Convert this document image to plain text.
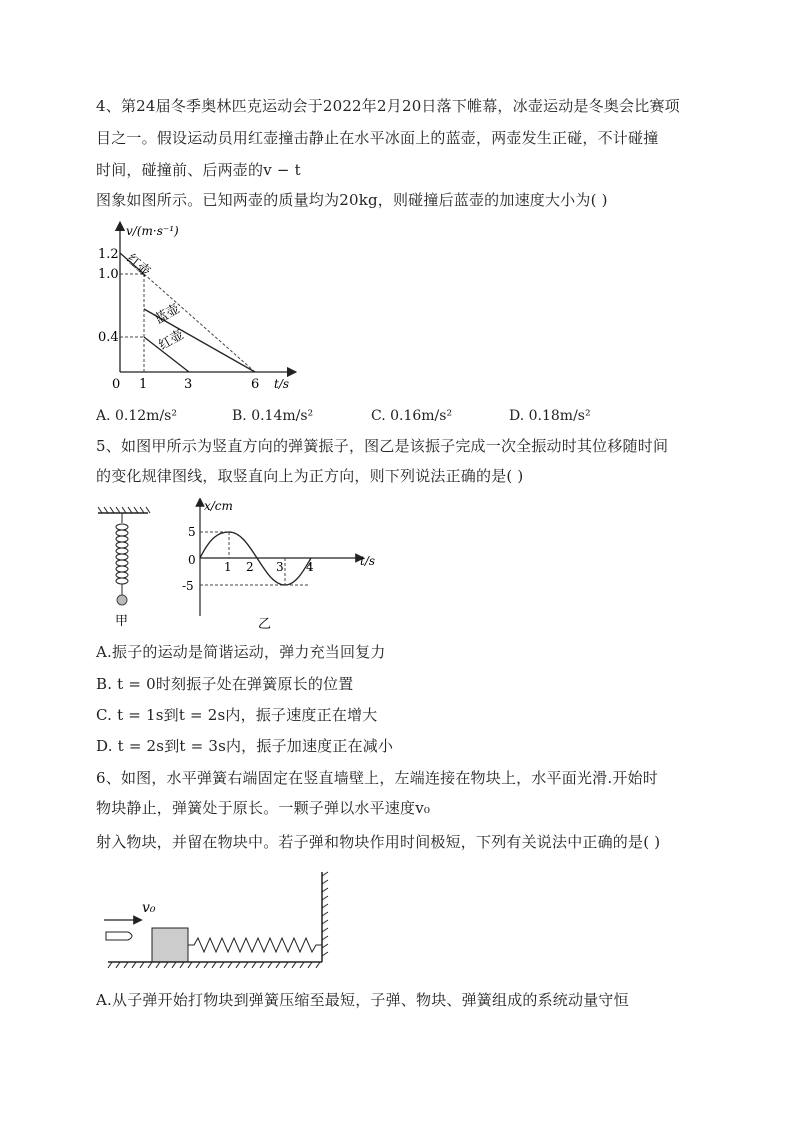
4、第24届冬季奥林匹克运动会于2022年2月20日落下帷幕，冰壶运动是冬奥会比赛项
目之一。假设运动员用红壶撞击静止在水平冰面上的蓝壶，两壶发生正碰，不计碰撞
时间，碰撞前、后两壶的v − t
图象如图所示。已知两壶的质量均为20kg，则碰撞后蓝壶的加速度大小为( )
v/(m·s⁻¹)
t/s
1.2
1.0
0.4
0 1	3	6
红壶
蓝壶
红壶
A. 0.12m/s²	B. 0.14m/s²	C. 0.16m/s²	D. 0.18m/s²
5、如图甲所示为竖直方向的弹簧振子，图乙是该振子完成一次全振动时其位移随时间
的变化规律图线，取竖直向上为正方向，则下列说法正确的是( )
甲
x/cm
t/s
5
0
-5
1 2 3 4
乙
A.振子的运动是简谐运动，弹力充当回复力
B. t = 0时刻振子处在弹簧原长的位置
C. t = 1s到t = 2s内，振子速度正在增大
D. t = 2s到t = 3s内，振子加速度正在减小
6、如图，水平弹簧右端固定在竖直墙壁上，左端连接在物块上，水平面光滑.开始时
物块静止，弹簧处于原长。一颗子弹以水平速度v₀
射入物块，并留在物块中。若子弹和物块作用时间极短，下列有关说法中正确的是( )
v₀
A.从子弹开始打物块到弹簧压缩至最短，子弹、物块、弹簧组成的系统动量守恒
